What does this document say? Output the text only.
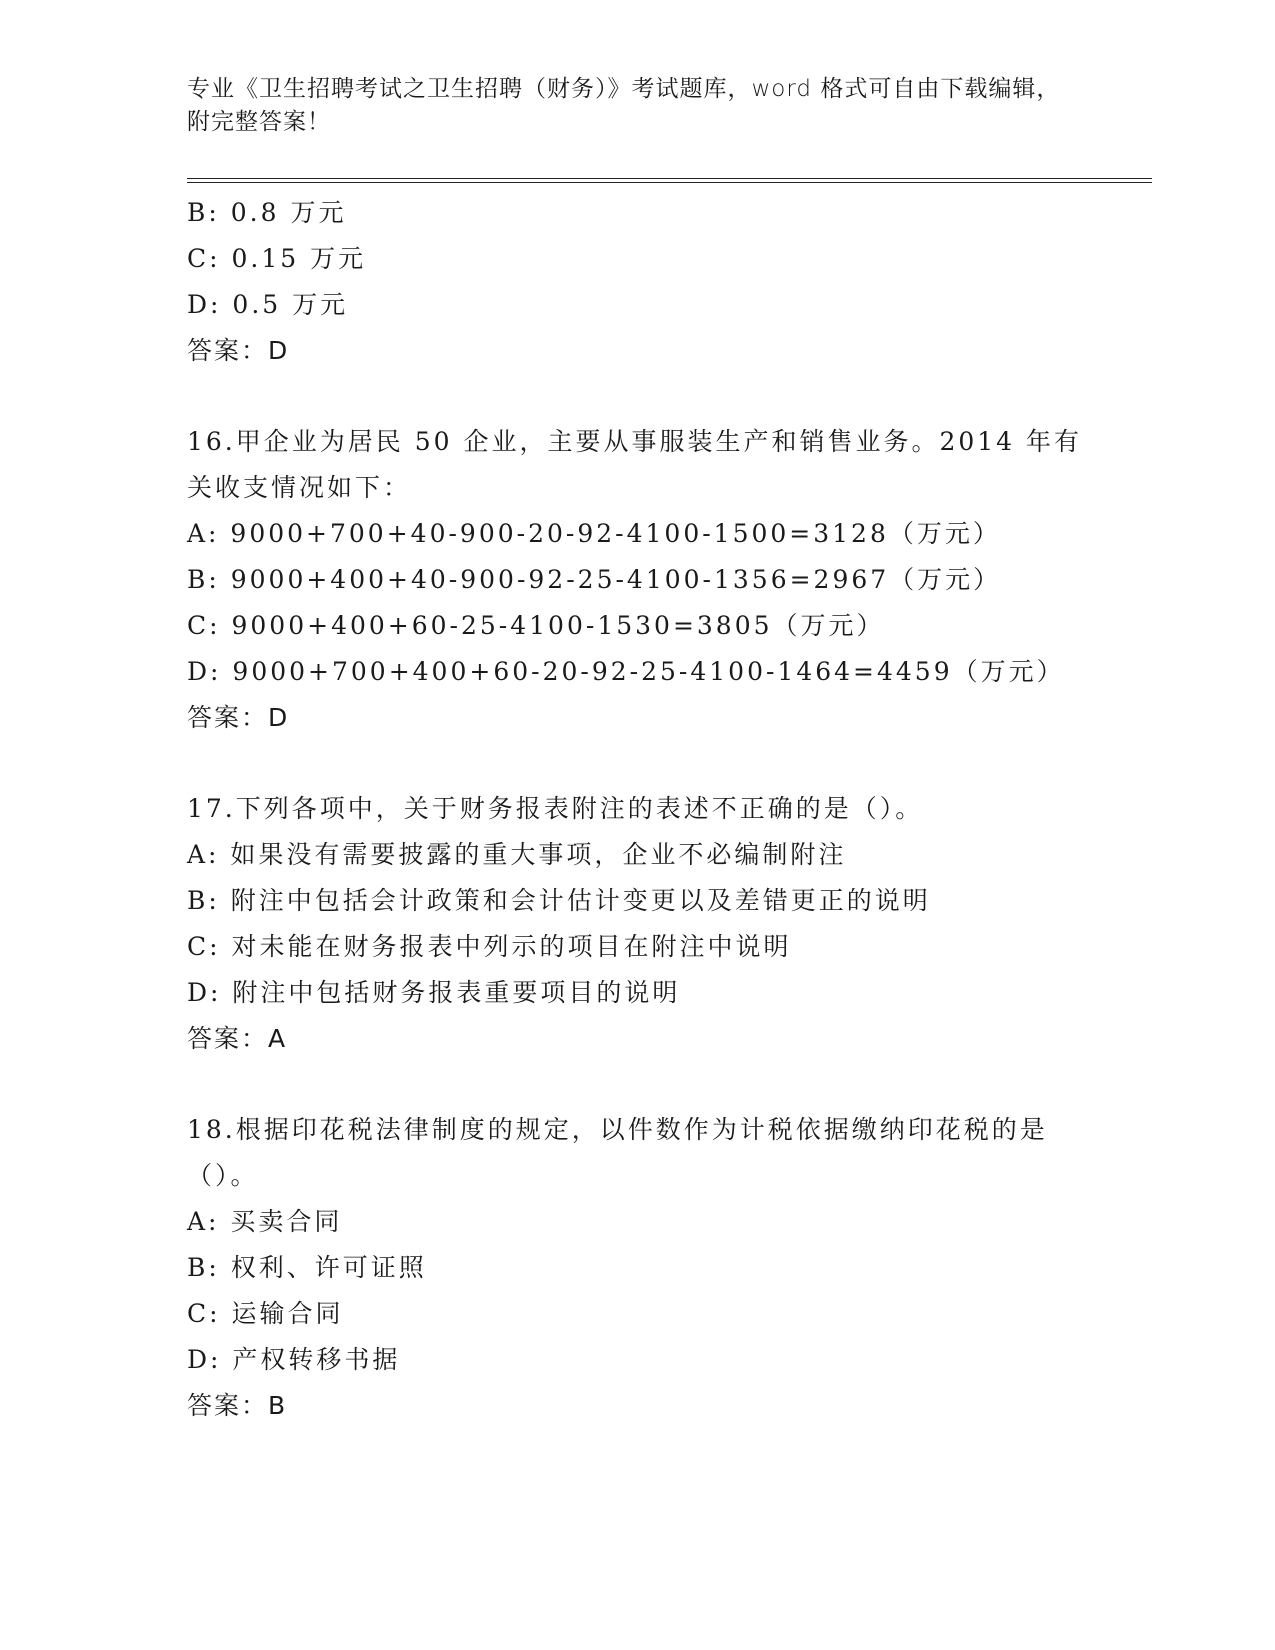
专业《卫生招聘考试之卫生招聘（财务）》考试题库，word 格式可自由下载编辑，附完整答案！
B: 0.8 万元
C: 0.15 万元
D: 0.5 万元
答案：D
16.甲企业为居民 50 企业，主要从事服装生产和销售业务。2014 年有关收支情况如下：
A: 9000+700+40-900-20-92-4100-1500=3128（万元）
B: 9000+400+40-900-92-25-4100-1356=2967（万元）
C: 9000+400+60-25-4100-1530=3805（万元）
D: 9000+700+400+60-20-92-25-4100-1464=4459（万元）
答案：D
17.下列各项中，关于财务报表附注的表述不正确的是（）。
A: 如果没有需要披露的重大事项，企业不必编制附注
B: 附注中包括会计政策和会计估计变更以及差错更正的说明
C: 对未能在财务报表中列示的项目在附注中说明
D: 附注中包括财务报表重要项目的说明
答案：A
18.根据印花税法律制度的规定，以件数作为计税依据缴纳印花税的是（）。
A: 买卖合同
B: 权利、许可证照
C: 运输合同
D: 产权转移书据
答案：B
